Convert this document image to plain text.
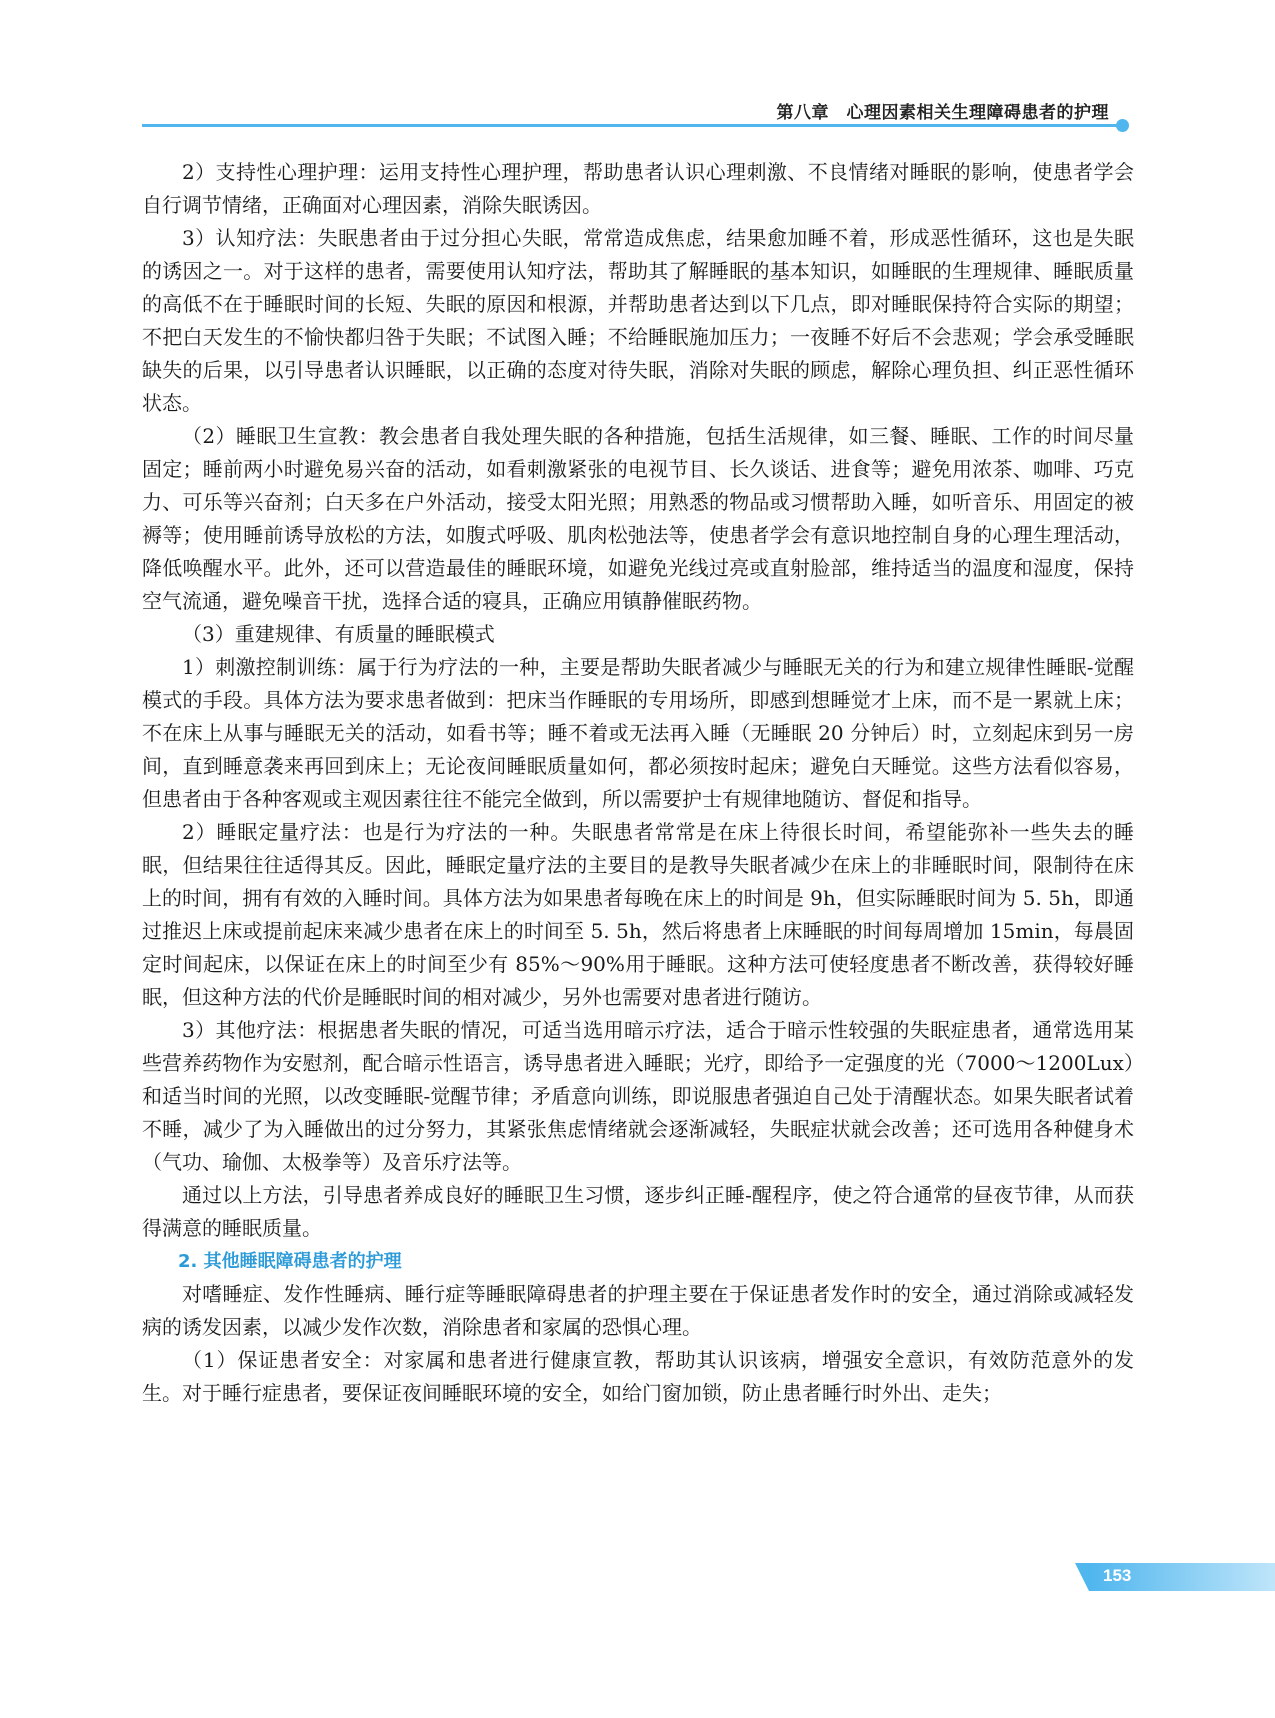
第八章　心理因素相关生理障碍患者的护理

2）支持性心理护理：运用支持性心理护理，帮助患者认识心理刺激、不良情绪对睡眠的影响，使患者学会自行调节情绪，正确面对心理因素，消除失眠诱因。

3）认知疗法：失眠患者由于过分担心失眠，常常造成焦虑，结果愈加睡不着，形成恶性循环，这也是失眠的诱因之一。对于这样的患者，需要使用认知疗法，帮助其了解睡眠的基本知识，如睡眠的生理规律、睡眠质量的高低不在于睡眠时间的长短、失眠的原因和根源，并帮助患者达到以下几点，即对睡眠保持符合实际的期望；不把白天发生的不愉快都归咎于失眠；不试图入睡；不给睡眠施加压力；一夜睡不好后不会悲观；学会承受睡眠缺失的后果，以引导患者认识睡眠，以正确的态度对待失眠，消除对失眠的顾虑，解除心理负担、纠正恶性循环状态。

（2）睡眠卫生宣教：教会患者自我处理失眠的各种措施，包括生活规律，如三餐、睡眠、工作的时间尽量固定；睡前两小时避免易兴奋的活动，如看刺激紧张的电视节目、长久谈话、进食等；避免用浓茶、咖啡、巧克力、可乐等兴奋剂；白天多在户外活动，接受太阳光照；用熟悉的物品或习惯帮助入睡，如听音乐、用固定的被褥等；使用睡前诱导放松的方法，如腹式呼吸、肌肉松弛法等，使患者学会有意识地控制自身的心理生理活动，降低唤醒水平。此外，还可以营造最佳的睡眠环境，如避免光线过亮或直射脸部，维持适当的温度和湿度，保持空气流通，避免噪音干扰，选择合适的寝具，正确应用镇静催眠药物。

（3）重建规律、有质量的睡眠模式

1）刺激控制训练：属于行为疗法的一种，主要是帮助失眠者减少与睡眠无关的行为和建立规律性睡眠-觉醒模式的手段。具体方法为要求患者做到：把床当作睡眠的专用场所，即感到想睡觉才上床，而不是一累就上床；不在床上从事与睡眠无关的活动，如看书等；睡不着或无法再入睡（无睡眠 20 分钟后）时，立刻起床到另一房间，直到睡意袭来再回到床上；无论夜间睡眠质量如何，都必须按时起床；避免白天睡觉。这些方法看似容易，但患者由于各种客观或主观因素往往不能完全做到，所以需要护士有规律地随访、督促和指导。

2）睡眠定量疗法：也是行为疗法的一种。失眠患者常常是在床上待很长时间，希望能弥补一些失去的睡眠，但结果往往适得其反。因此，睡眠定量疗法的主要目的是教导失眠者减少在床上的非睡眠时间，限制待在床上的时间，拥有有效的入睡时间。具体方法为如果患者每晚在床上的时间是 9h，但实际睡眠时间为 5. 5h，即通过推迟上床或提前起床来减少患者在床上的时间至 5. 5h，然后将患者上床睡眠的时间每周增加 15min，每晨固定时间起床，以保证在床上的时间至少有 85%～90%用于睡眠。这种方法可使轻度患者不断改善，获得较好睡眠，但这种方法的代价是睡眠时间的相对减少，另外也需要对患者进行随访。

3）其他疗法：根据患者失眠的情况，可适当选用暗示疗法，适合于暗示性较强的失眠症患者，通常选用某些营养药物作为安慰剂，配合暗示性语言，诱导患者进入睡眠；光疗，即给予一定强度的光（7000～1200Lux）和适当时间的光照，以改变睡眠-觉醒节律；矛盾意向训练，即说服患者强迫自己处于清醒状态。如果失眠者试着不睡，减少了为入睡做出的过分努力，其紧张焦虑情绪就会逐渐减轻，失眠症状就会改善；还可选用各种健身术（气功、瑜伽、太极拳等）及音乐疗法等。

通过以上方法，引导患者养成良好的睡眠卫生习惯，逐步纠正睡-醒程序，使之符合通常的昼夜节律，从而获得满意的睡眠质量。

2. 其他睡眠障碍患者的护理

对嗜睡症、发作性睡病、睡行症等睡眠障碍患者的护理主要在于保证患者发作时的安全，通过消除或减轻发病的诱发因素，以减少发作次数，消除患者和家属的恐惧心理。

（1）保证患者安全：对家属和患者进行健康宣教，帮助其认识该病，增强安全意识，有效防范意外的发生。对于睡行症患者，要保证夜间睡眠环境的安全，如给门窗加锁，防止患者睡行时外出、走失；

153
